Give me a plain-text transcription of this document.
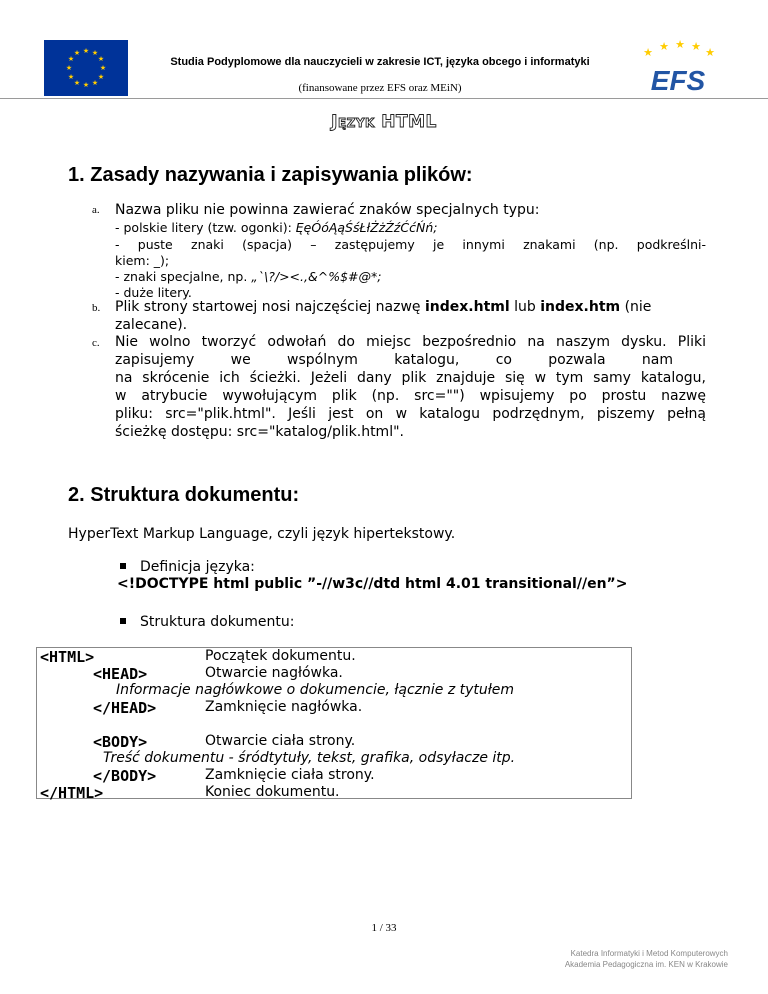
★ ★
★
★
★
★
★
★
★
★
★
★
Studia Podyplomowe dla nauczycieli w zakresie ICT, języka obcego i informatyki
(finansowane przez EFS oraz MEiN)
★ ★ ★ ★ ★
EFS
Język HTML
1. Zasady nazywania i zapisywania plików:
a. Nazwa pliku nie powinna zawierać znaków specjalnych typu:
- polskie litery (tzw. ogonki): ĘęÓóĄąŚśŁłŻżŹźĆćŃń;
- puste znaki (spacja) – zastępujemy je innymi znakami (np. podkreślni-
kiem: _);
- znaki specjalne, np. „`\?/><.,&^%$#@*;
- duże litery.
b. Plik strony startowej nosi najczęściej nazwę index.html lub index.htm (nie
zalecane).
c. Nie wolno tworzyć odwołań do miejsc bezpośrednio na naszym dysku. Pliki
zapisujemy we wspólnym katalogu, co pozwala nam
na skrócenie ich ścieżki. Jeżeli dany plik znajduje się w tym samy katalogu,
w atrybucie wywołującym plik (np. src="") wpisujemy po prostu nazwę
pliku: src="plik.html". Jeśli jest on w katalogu podrzędnym, piszemy pełną
ścieżkę dostępu: src="katalog/plik.html".
2. Struktura dokumentu:
HyperText Markup Language, czyli język hipertekstowy.
Definicja języka:
<!DOCTYPE html public ”-//w3c//dtd html 4.01 transitional//en”>
Struktura dokumentu:
<HTML>	Początek dokumentu.
<HEAD>	Otwarcie nagłówka.
Informacje nagłówkowe o dokumencie, łącznie z tytułem
</HEAD>	Zamknięcie nagłówka.
<BODY>	Otwarcie ciała strony.
Treść dokumentu - śródtytuły, tekst, grafika, odsyłacze itp.
</BODY>	Zamknięcie ciała strony.
</HTML>	Koniec dokumentu.
1 / 33
Katedra Informatyki i Metod Komputerowych
Akademia Pedagogiczna im. KEN w Krakowie
